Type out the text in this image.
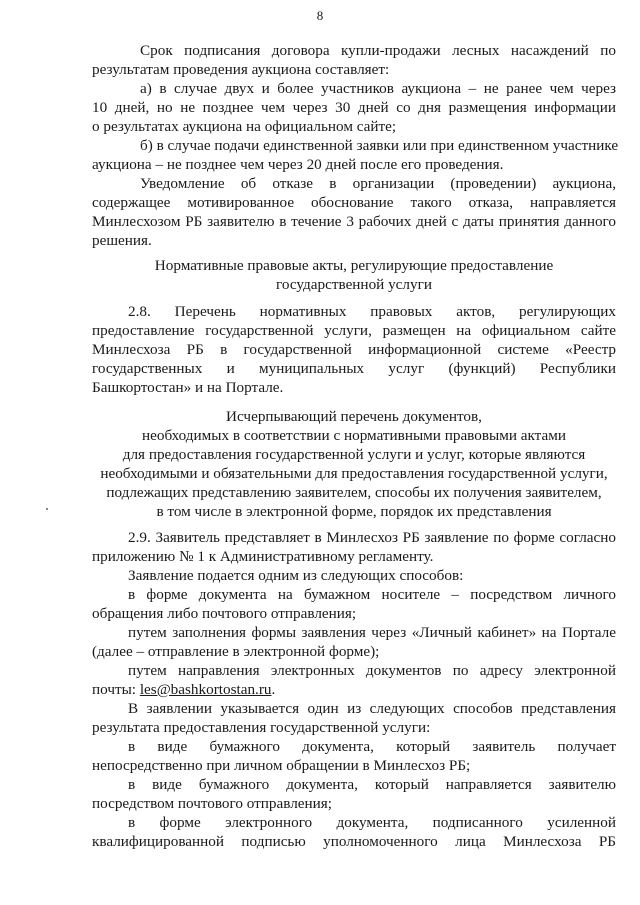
8

Срок подписания договора купли-продажи лесных насаждений по

результатам проведения аукциона составляет:

а) в случае двух и более участников аукциона – не ранее чем через

10 дней, но не позднее чем через 30 дней со дня размещения информации

о результатах аукциона на официальном сайте;

б) в случае подачи единственной заявки или при единственном участнике

аукциона – не позднее чем через 20 дней после его проведения.

Уведомление об отказе в организации (проведении) аукциона,

содержащее мотивированное обоснование такого отказа, направляется

Минлесхозом РБ заявителю в течение 3 рабочих дней с даты принятия данного

решения.

Нормативные правовые акты, регулирующие предоставление

государственной услуги

2.8. Перечень нормативных правовых актов, регулирующих

предоставление государственной услуги, размещен на официальном сайте

Минлесхоза РБ в государственной информационной системе «Реестр

государственных и муниципальных услуг (функций) Республики

Башкортостан» и на Портале.

Исчерпывающий перечень документов,

необходимых в соответствии с нормативными правовыми актами

для предоставления государственной услуги и услуг, которые являются

необходимыми и обязательными для предоставления государственной услуги,

подлежащих представлению заявителем, способы их получения заявителем,

в том числе в электронной форме, порядок их представления

2.9. Заявитель представляет в Минлесхоз РБ заявление по форме согласно

приложению № 1 к Административному регламенту.

Заявление подается одним из следующих способов:

в форме документа на бумажном носителе – посредством личного

обращения либо почтового отправления;

путем заполнения формы заявления через «Личный кабинет» на Портале

(далее – отправление в электронной форме);

путем направления электронных документов по адресу электронной

почты: les@bashkortostan.ru.

В заявлении указывается один из следующих способов представления

результата предоставления государственной услуги:

в виде бумажного документа, который заявитель получает

непосредственно при личном обращении в Минлесхоз РБ;

в виде бумажного документа, который направляется заявителю

посредством почтового отправления;

в форме электронного документа, подписанного усиленной

квалифицированной подписью уполномоченного лица Минлесхоза РБ
